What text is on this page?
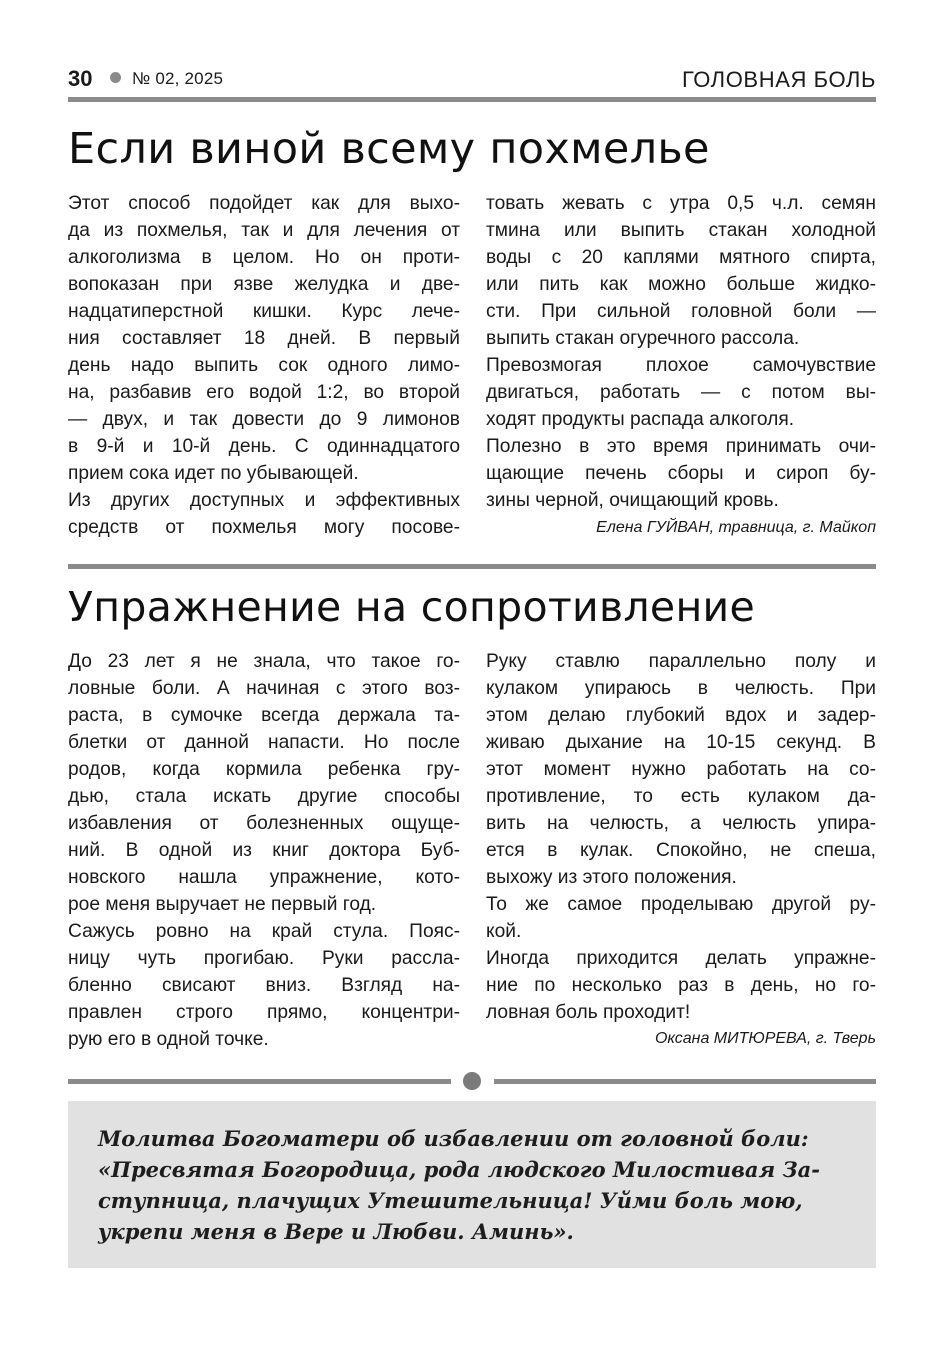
30 № 02, 2025	ГОЛОВНАЯ БОЛЬ
Если виной всему похмелье
Этот способ подойдет как для выхо-
да из похмелья, так и для лечения от
алкоголизма в целом. Но он проти-
вопоказан при язве желудка и две-
надцатиперстной кишки. Курс лече-
ния составляет 18 дней. В первый
день надо выпить сок одного лимо-
на, разбавив его водой 1:2, во второй
— двух, и так довести до 9 лимонов
в 9-й и 10-й день. С одиннадцатого
прием сока идет по убывающей.
Из других доступных и эффективных
средств от похмелья могу посове-
товать жевать с утра 0,5 ч.л. семян
тмина или выпить стакан холодной
воды с 20 каплями мятного спирта,
или пить как можно больше жидко-
сти. При сильной головной боли —
выпить стакан огуречного рассола.
Превозмогая плохое самочувствие
двигаться, работать — с потом вы-
ходят продукты распада алкоголя.
Полезно в это время принимать очи-
щающие печень сборы и сироп бу-
зины черной, очищающий кровь.
Елена ГУЙВАН, травница, г. Майкоп
Упражнение на сопротивление
До 23 лет я не знала, что такое го-
ловные боли. А начиная с этого воз-
раста, в сумочке всегда держала та-
блетки от данной напасти. Но после
родов, когда кормила ребенка гру-
дью, стала искать другие способы
избавления от болезненных ощуще-
ний. В одной из книг доктора Буб-
новского нашла упражнение, кото-
рое меня выручает не первый год.
Сажусь ровно на край стула. Пояс-
ницу чуть прогибаю. Руки рассла-
бленно свисают вниз. Взгляд на-
правлен строго прямо, концентри-
рую его в одной точке.
Руку ставлю параллельно полу и
кулаком упираюсь в челюсть. При
этом делаю глубокий вдох и задер-
живаю дыхание на 10-15 секунд. В
этот момент нужно работать на со-
противление, то есть кулаком да-
вить на челюсть, а челюсть упира-
ется в кулак. Спокойно, не спеша,
выхожу из этого положения.
То же самое проделываю другой ру-
кой.
Иногда приходится делать упражне-
ние по несколько раз в день, но го-
ловная боль проходит!
Оксана МИТЮРЕВА, г. Тверь

Молитва Богоматери об избавлении от головной боли:
«Пресвятая Богородица, рода людского Милостивая За-
ступница, плачущих Утешительница! Уйми боль мою,
укрепи меня в Вере и Любви. Аминь».
